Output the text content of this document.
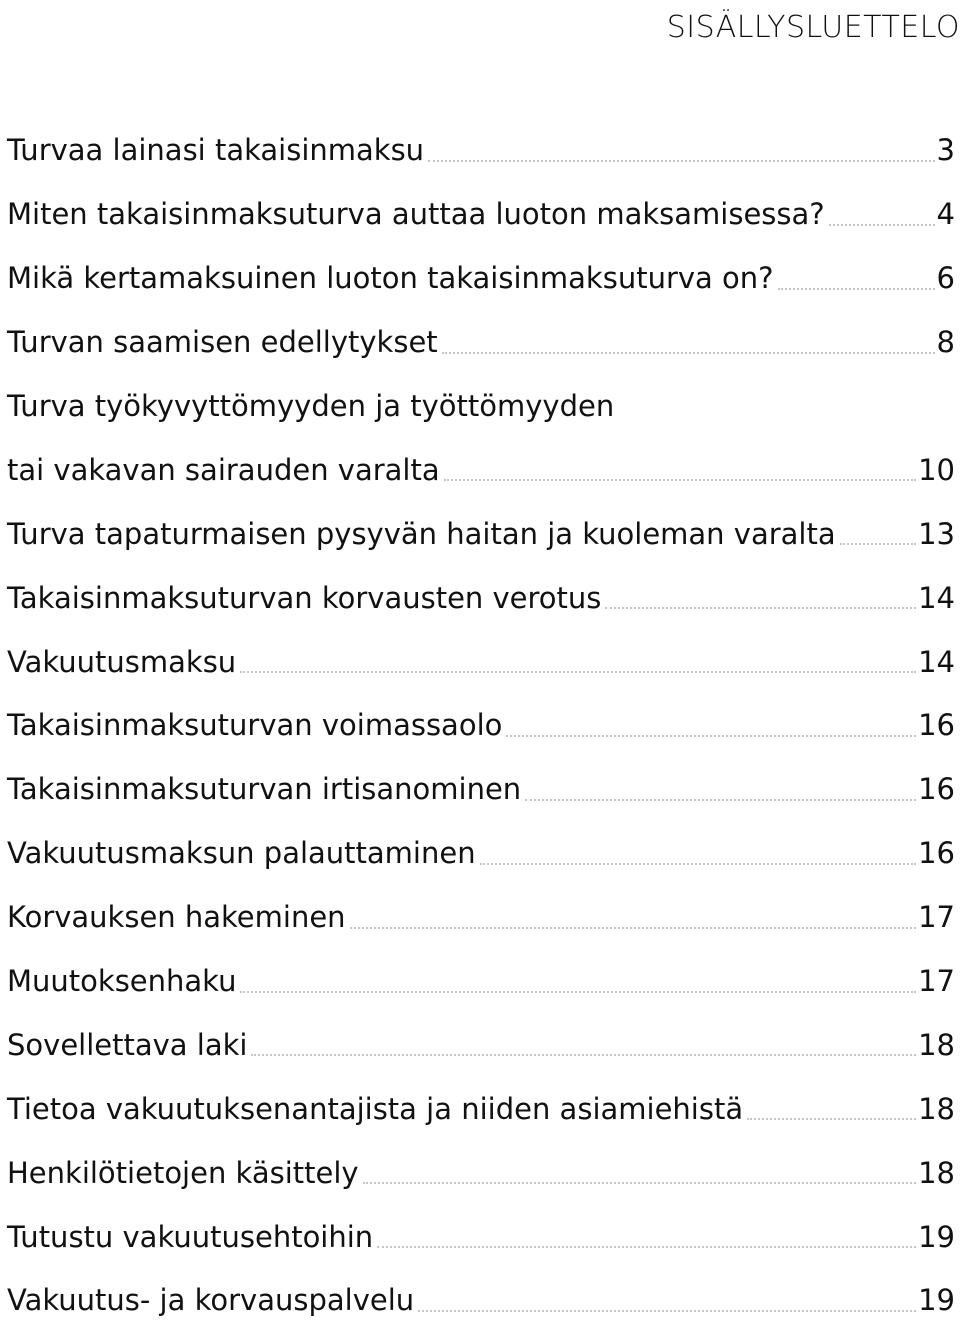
SISÄLLYSLUETTELO
Turvaa lainasi takaisinmaksu	3
Miten takaisinmaksuturva auttaa luoton maksamisessa?	4
Mikä kertamaksuinen luoton takaisinmaksuturva on?	6
Turvan saamisen edellytykset	8
Turva työkyvyttömyyden ja työttömyyden
tai vakavan sairauden varalta	10
Turva tapaturmaisen pysyvän haitan ja kuoleman varalta	13
Takaisinmaksuturvan korvausten verotus	14
Vakuutusmaksu	14
Takaisinmaksuturvan voimassaolo	16
Takaisinmaksuturvan irtisanominen	16
Vakuutusmaksun palauttaminen	16
Korvauksen hakeminen	17
Muutoksenhaku	17
Sovellettava laki	18
Tietoa vakuutuksenantajista ja niiden asiamiehistä	18
Henkilötietojen käsittely	18
Tutustu vakuutusehtoihin	19
Vakuutus- ja korvauspalvelu	19
